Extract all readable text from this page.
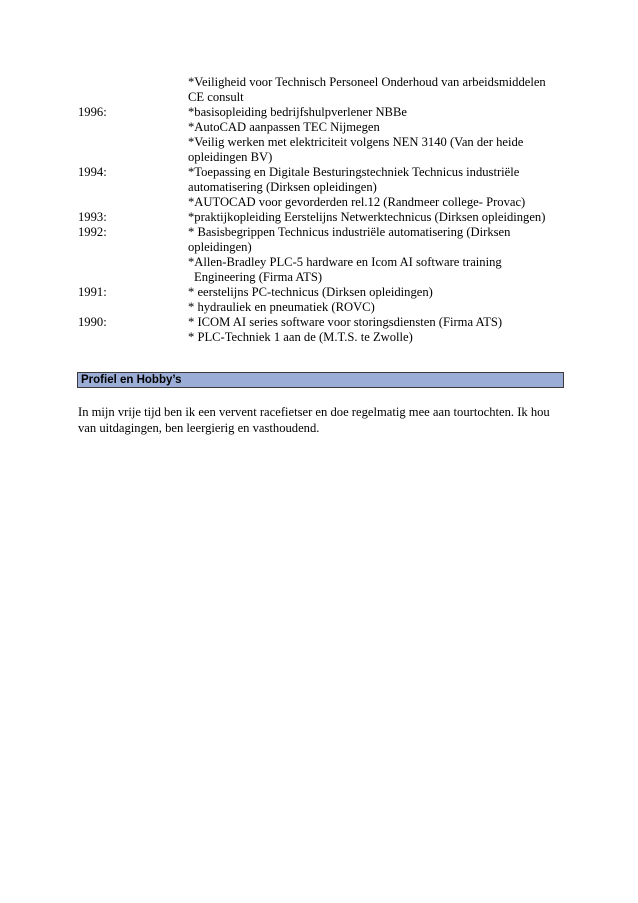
*Veiligheid voor Technisch Personeel Onderhoud van arbeidsmiddelen
CE consult
1996:	*basisopleiding bedrijfshulpverlener NBBe
*AutoCAD aanpassen TEC Nijmegen
*Veilig werken met elektriciteit volgens NEN 3140 (Van der heide
opleidingen BV)
1994:	*Toepassing en Digitale Besturingstechniek Technicus industriële
automatisering (Dirksen opleidingen)
*AUTOCAD voor gevorderden rel.12 (Randmeer college- Provac)
1993:	*praktijkopleiding Eerstelijns Netwerktechnicus (Dirksen opleidingen)
1992:	* Basisbegrippen Technicus industriële automatisering (Dirksen
opleidingen)
*Allen-Bradley PLC-5 hardware en Icom AI software training
Engineering (Firma ATS)
1991:	* eerstelijns PC-technicus (Dirksen opleidingen)
* hydrauliek en pneumatiek (ROVC)
1990:	* ICOM AI series software voor storingsdiensten (Firma ATS)
* PLC-Techniek 1 aan de (M.T.S. te Zwolle)
Profiel en Hobby’s
In mijn vrije tijd ben ik een vervent racefietser en doe regelmatig mee aan tourtochten. Ik hou van uitdagingen, ben leergierig en vasthoudend.
